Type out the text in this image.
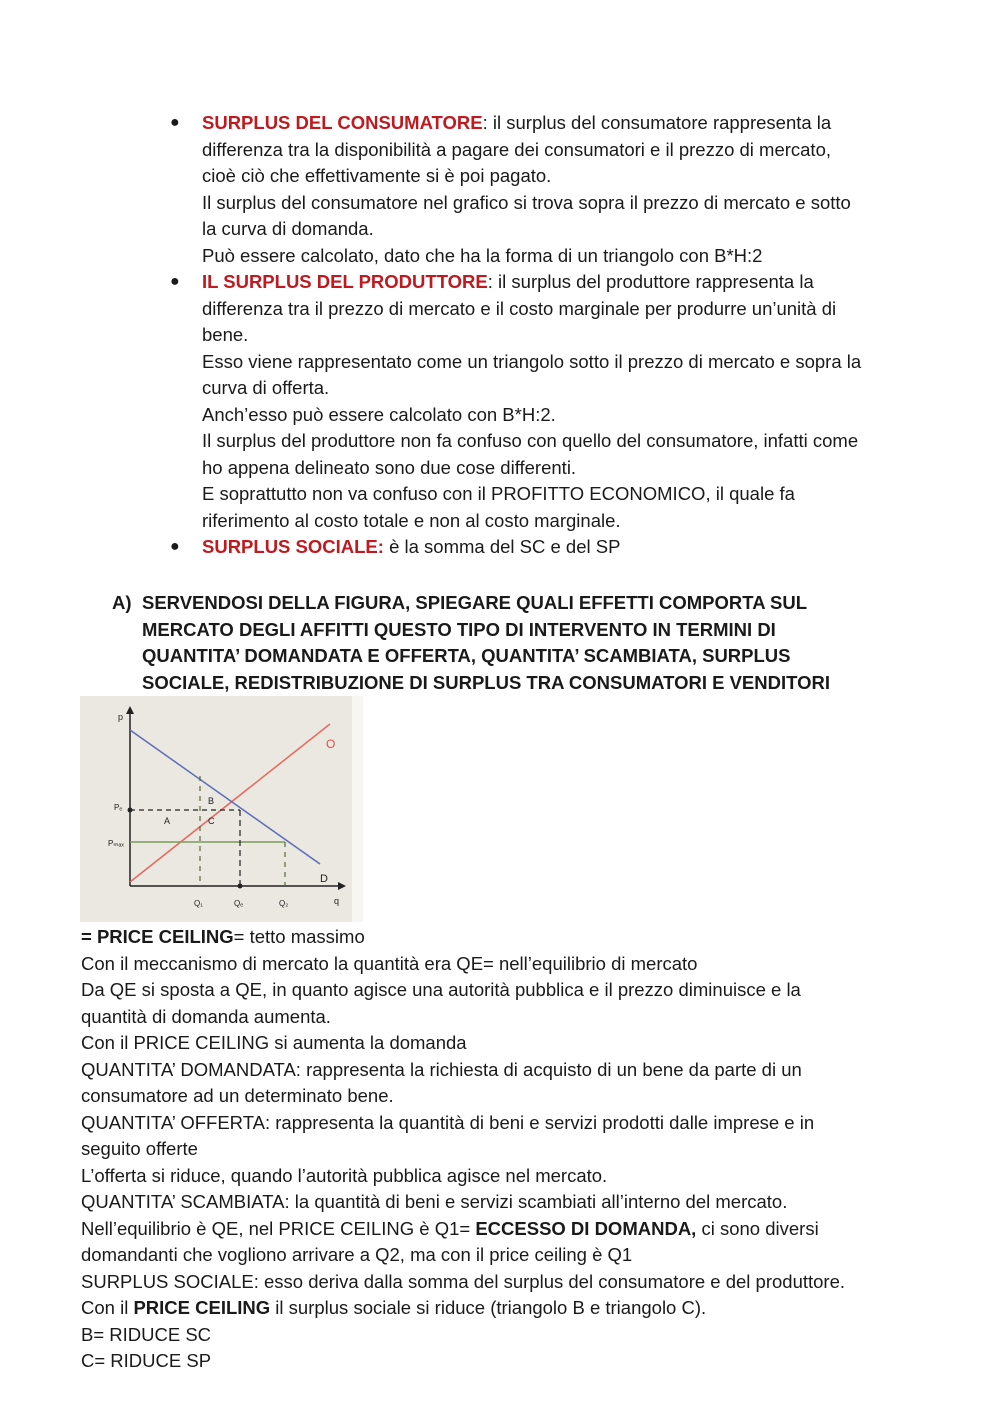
● SURPLUS DEL CONSUMATORE: il surplus del consumatore rappresenta la
differenza tra la disponibilità a pagare dei consumatori e il prezzo di mercato,
cioè ciò che effettivamente si è poi pagato.
Il surplus del consumatore nel grafico si trova sopra il prezzo di mercato e sotto
la curva di domanda.
Può essere calcolato, dato che ha la forma di un triangolo con B*H:2
● IL SURPLUS DEL PRODUTTORE: il surplus del produttore rappresenta la
differenza tra il prezzo di mercato e il costo marginale per produrre un’unità di
bene.
Esso viene rappresentato come un triangolo sotto il prezzo di mercato e sopra la
curva di offerta.
Anch’esso può essere calcolato con B*H:2.
Il surplus del produttore non fa confuso con quello del consumatore, infatti come
ho appena delineato sono due cose differenti.
E soprattutto non va confuso con il PROFITTO ECONOMICO, il quale fa
riferimento al costo totale e non al costo marginale.
● SURPLUS SOCIALE: è la somma del SC e del SP
A) SERVENDOSI DELLA FIGURA, SPIEGARE QUALI EFFETTI COMPORTA SUL
MERCATO DEGLI AFFITTI QUESTO TIPO DI INTERVENTO IN TERMINI DI
QUANTITA’ DOMANDATA E OFFERTA, QUANTITA’ SCAMBIATA, SURPLUS
SOCIALE, REDISTRIBUZIONE DI SURPLUS TRA CONSUMATORI E VENDITORI
p
q
O
D
Pₑ
Pₘₐₓ
A
B
C
Q₁	Qₑ	Q₂
= PRICE CEILING= tetto massimo
Con il meccanismo di mercato la quantità era QE= nell’equilibrio di mercato
Da QE si sposta a QE, in quanto agisce una autorità pubblica e il prezzo diminuisce e la
quantità di domanda aumenta.
Con il PRICE CEILING si aumenta la domanda
QUANTITA’ DOMANDATA: rappresenta la richiesta di acquisto di un bene da parte di un
consumatore ad un determinato bene.
QUANTITA’ OFFERTA: rappresenta la quantità di beni e servizi prodotti dalle imprese e in
seguito offerte
L’offerta si riduce, quando l’autorità pubblica agisce nel mercato.
QUANTITA’ SCAMBIATA: la quantità di beni e servizi scambiati all’interno del mercato.
Nell’equilibrio è QE, nel PRICE CEILING è Q1= ECCESSO DI DOMANDA, ci sono diversi
domandanti che vogliono arrivare a Q2, ma con il price ceiling è Q1
SURPLUS SOCIALE: esso deriva dalla somma del surplus del consumatore e del produttore.
Con il PRICE CEILING il surplus sociale si riduce (triangolo B e triangolo C).
B= RIDUCE SC
C= RIDUCE SP
